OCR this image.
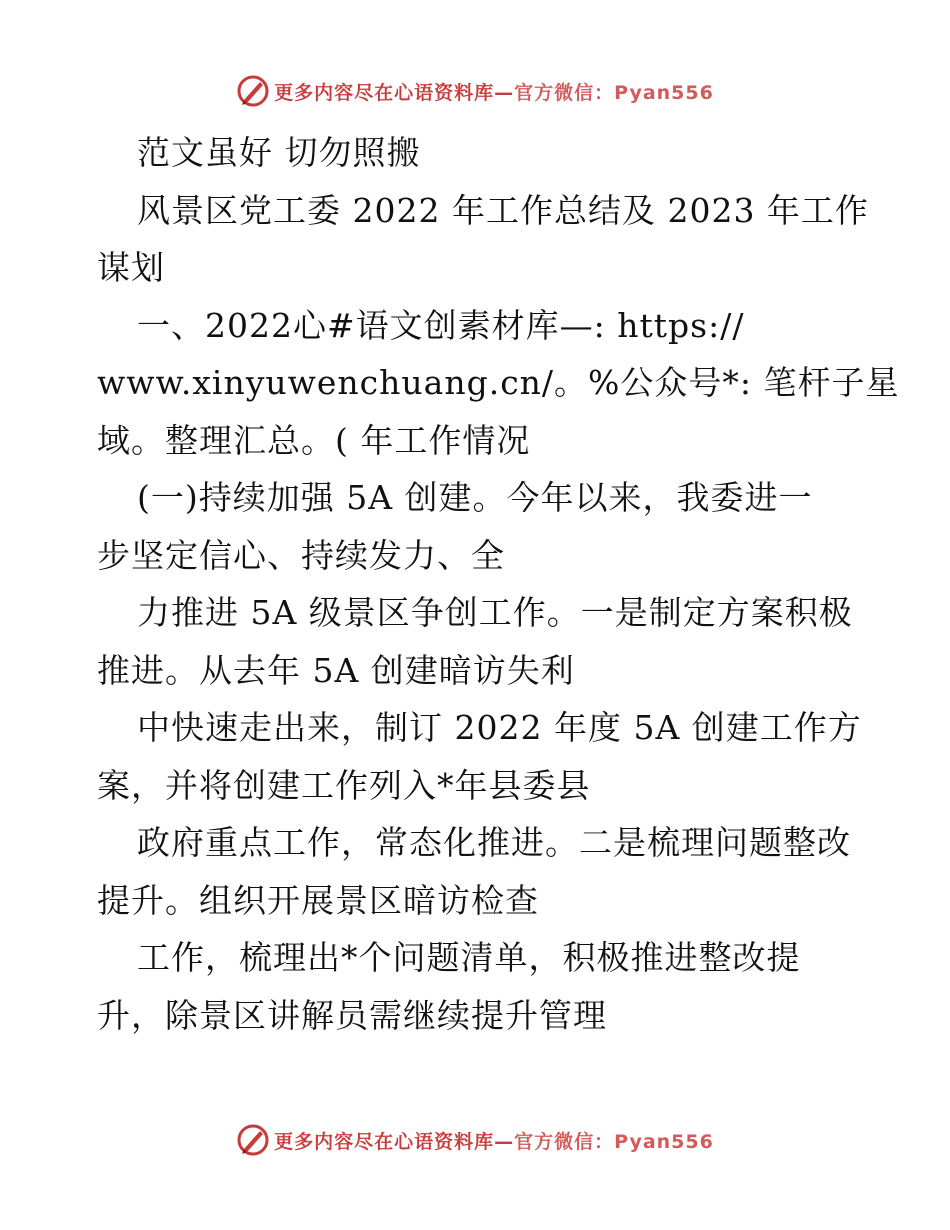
更多内容尽在心语资料库—官方微信：Pyan556
范文虽好 切勿照搬
风景区党工委 2022 年工作总结及 2023 年工作
谋划
一、2022心#语文创素材库—: https://
www.xinyuwenchuang.cn/。%公众号*: 笔杆子星
域。整理汇总。( 年工作情况
(一)持续加强 5A 创建。今年以来，我委进一
步坚定信心、持续发力、全
力推进 5A 级景区争创工作。一是制定方案积极
推进。从去年 5A 创建暗访失利
中快速走出来，制订 2022 年度 5A 创建工作方
案，并将创建工作列入*年县委县
政府重点工作，常态化推进。二是梳理问题整改
提升。组织开展景区暗访检查
工作，梳理出*个问题清单，积极推进整改提
升，除景区讲解员需继续提升管理
更多内容尽在心语资料库—官方微信：Pyan556
